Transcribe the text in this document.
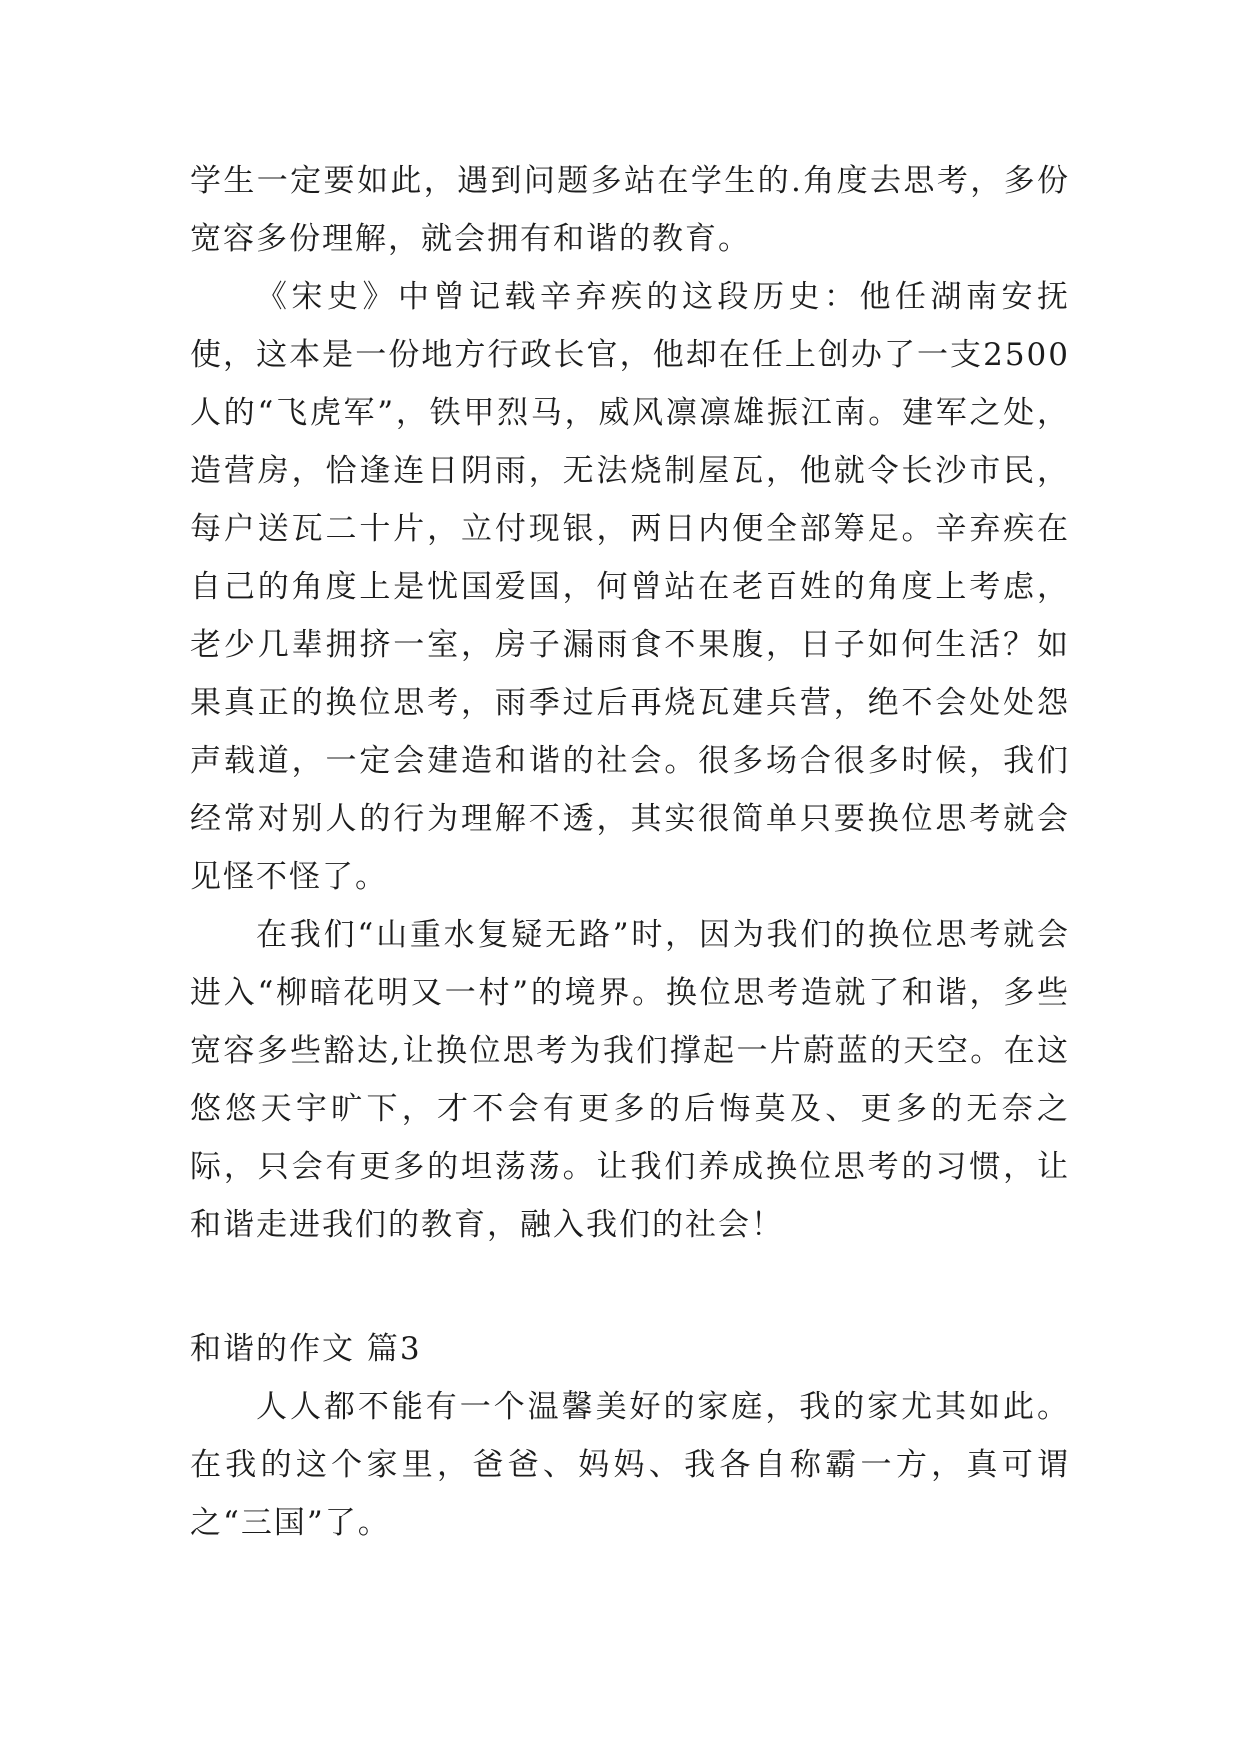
学生一定要如此，遇到问题多站在学生的.角度去思考，多份宽容多份理解，就会拥有和谐的教育。

《宋史》中曾记载辛弃疾的这段历史：他任湖南安抚使，这本是一份地方行政长官，他却在任上创办了一支2500人的“飞虎军”，铁甲烈马，威风凛凛雄振江南。建军之处，造营房，恰逢连日阴雨，无法烧制屋瓦，他就令长沙市民，每户送瓦二十片，立付现银，两日内便全部筹足。辛弃疾在自己的角度上是忧国爱国，何曾站在老百姓的角度上考虑，老少几辈拥挤一室，房子漏雨食不果腹，日子如何生活？如果真正的换位思考，雨季过后再烧瓦建兵营，绝不会处处怨声载道，一定会建造和谐的社会。很多场合很多时候，我们经常对别人的行为理解不透，其实很简单只要换位思考就会见怪不怪了。

在我们“山重水复疑无路”时，因为我们的换位思考就会进入“柳暗花明又一村”的境界。换位思考造就了和谐，多些宽容多些豁达,让换位思考为我们撑起一片蔚蓝的天空。在这悠悠天宇旷下，才不会有更多的后悔莫及、更多的无奈之际，只会有更多的坦荡荡。让我们养成换位思考的习惯，让和谐走进我们的教育，融入我们的社会！

和谐的作文 篇3

人人都不能有一个温馨美好的家庭，我的家尤其如此。在我的这个家里，爸爸、妈妈、我各自称霸一方，真可谓之“三国”了。
